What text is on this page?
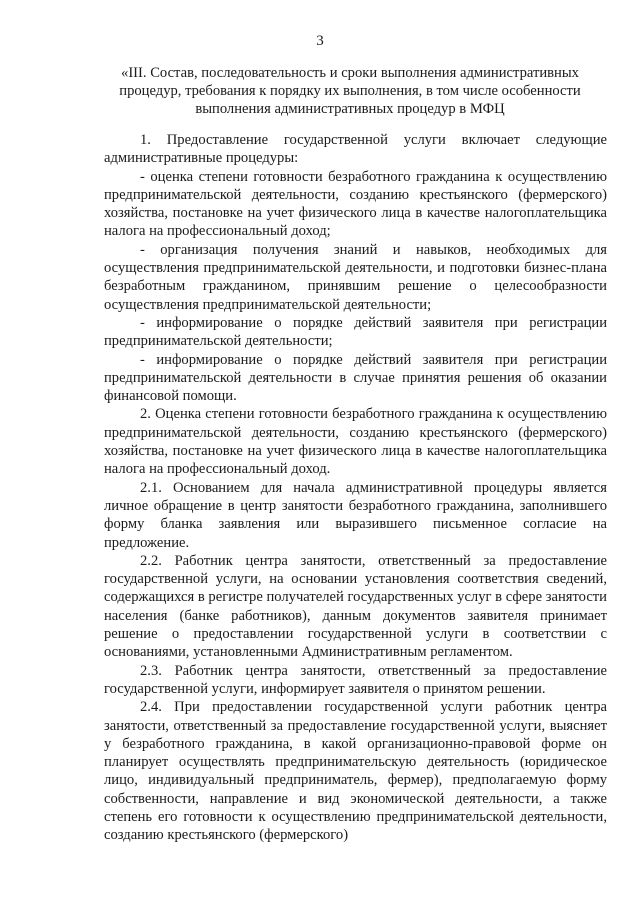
3
«III. Состав, последовательность и сроки выполнения административных процедур, требования к порядку их выполнения, в том числе особенности выполнения административных процедур в МФЦ

1. Предоставление государственной услуги включает следующие административные процедуры:

- оценка степени готовности безработного гражданина к осуществлению предпринимательской деятельности, созданию крестьянского (фермерского) хозяйства, постановке на учет физического лица в качестве налогоплательщика налога на профессиональный доход;

- организация получения знаний и навыков, необходимых для осуществления предпринимательской деятельности, и подготовки бизнес-плана безработным гражданином, принявшим решение о целесообразности осуществления предпринимательской деятельности;

- информирование о порядке действий заявителя при регистрации предпринимательской деятельности;

- информирование о порядке действий заявителя при регистрации предпринимательской деятельности в случае принятия решения об оказании финансовой помощи.

2. Оценка степени готовности безработного гражданина к осуществлению предпринимательской деятельности, созданию крестьянского (фермерского) хозяйства, постановке на учет физического лица в качестве налогоплательщика налога на профессиональный доход.

2.1. Основанием для начала административной процедуры является личное обращение в центр занятости безработного гражданина, заполнившего форму бланка заявления или выразившего письменное согласие на предложение.

2.2. Работник центра занятости, ответственный за предоставление государственной услуги, на основании установления соответствия сведений, содержащихся в регистре получателей государственных услуг в сфере занятости населения (банке работников), данным документов заявителя принимает решение о предоставлении государственной услуги в соответствии с основаниями, установленными Административным регламентом.

2.3. Работник центра занятости, ответственный за предоставление государственной услуги, информирует заявителя о принятом решении.

2.4. При предоставлении государственной услуги работник центра занятости, ответственный за предоставление государственной услуги, выясняет у безработного гражданина, в какой организационно-правовой форме он планирует осуществлять предпринимательскую деятельность (юридическое лицо, индивидуальный предприниматель, фермер), предполагаемую форму собственности, направление и вид экономической деятельности, а также степень его готовности к осуществлению предпринимательской деятельности, созданию крестьянского (фермерского)
